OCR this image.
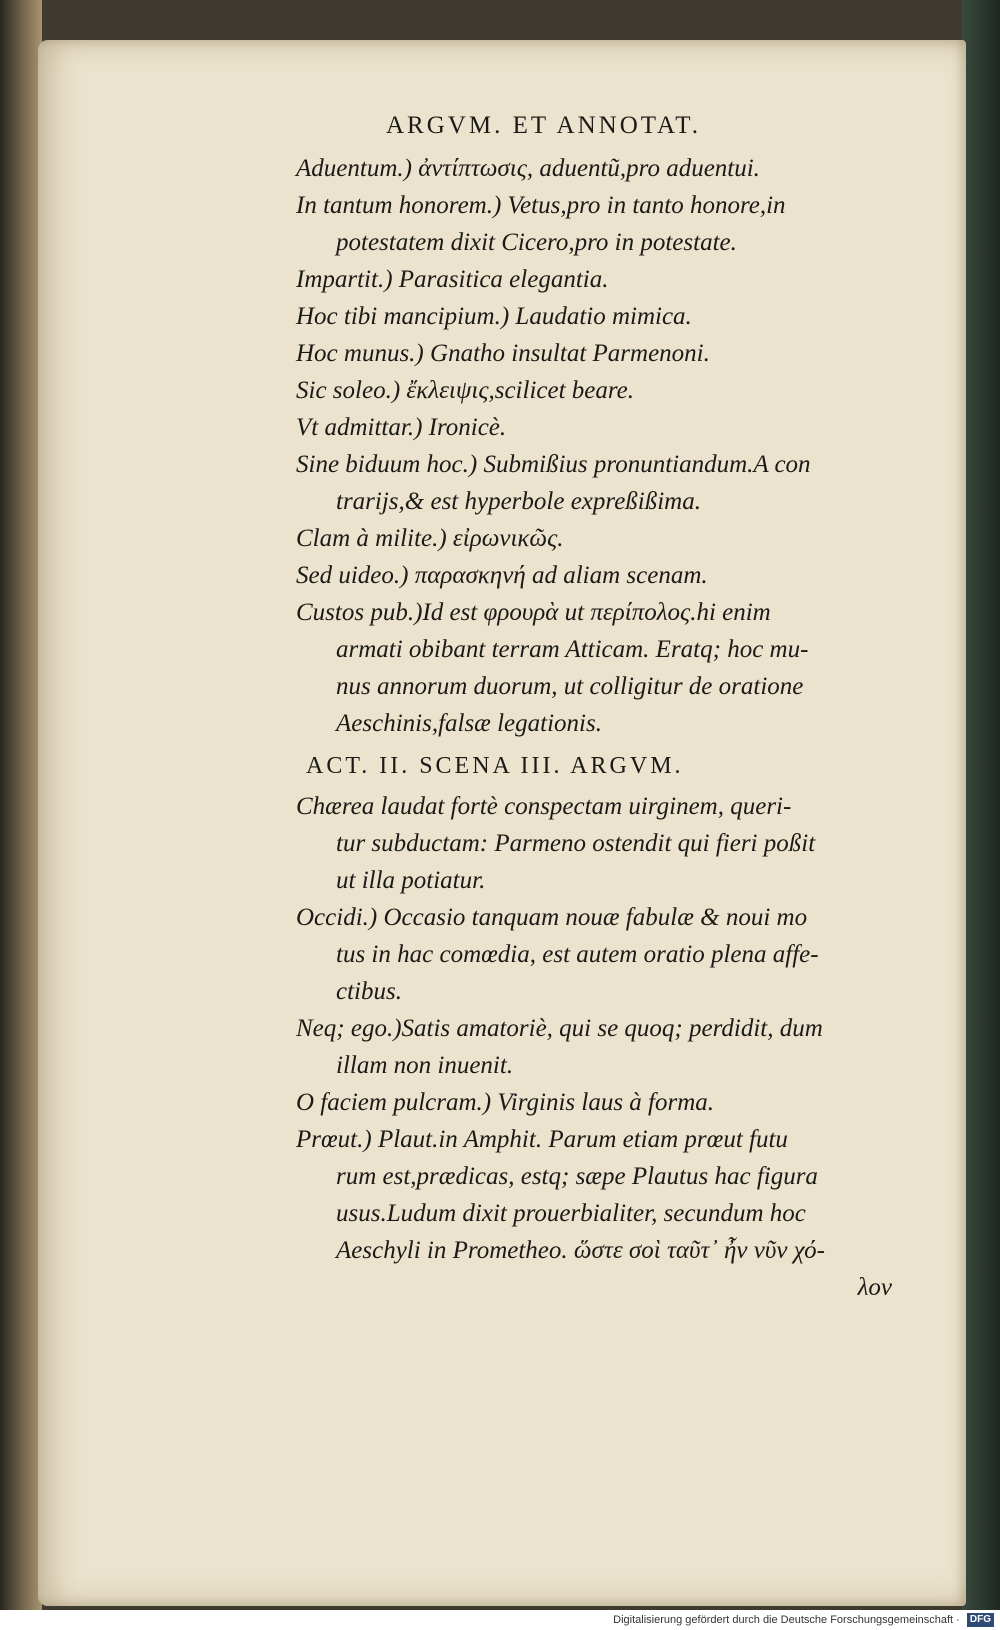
ARGVM. ET ANNOTAT.
Aduentum.) ἀντίπτωσις, aduentũ,pro aduentui.
In tantum honorem.) Vetus,pro in tanto honore,in
potestatem dixit Cicero,pro in potestate.
Impartit.) Parasitica elegantia.
Hoc tibi mancipium.) Laudatio mimica.
Hoc munus.) Gnatho insultat Parmenoni.
Sic soleo.) ἔκλειψις,scilicet beare.
Vt admittar.) Ironicè.
Sine biduum hoc.) Submißius pronuntiandum.A con
trarijs,& est hyperbole expreßißima.
Clam à milite.) εἰρωνικῶς.
Sed uideo.) παρασκηνή ad aliam scenam.
Custos pub.)Id est φρουρὰ ut περίπολος.hi enim
armati obibant terram Atticam. Eratq; hoc mu-
nus annorum duorum, ut colligitur de oratione
Aeschinis,falsæ legationis.
ACT. II. SCENA III. ARGVM.
Chærea laudat fortè conspectam uirginem, queri-
tur subductam: Parmeno ostendit qui fieri poßit
ut illa potiatur.
Occidi.) Occasio tanquam nouæ fabulæ & noui mo
tus in hac comœdia, est autem oratio plena affe-
ctibus.
Neq; ego.)Satis amatoriè, qui se quoq; perdidit, dum
illam non inuenit.
O faciem pulcram.) Virginis laus à forma.
Prœut.) Plaut.in Amphit. Parum etiam prœut futu
rum est,prædicas, estq; sæpe Plautus hac figura
usus.Ludum dixit prouerbialiter, secundum hoc
Aeschyli in Prometheo. ὥστε σοὶ ταῦτ᾽ ἦν νῦν χό-
λον
Digitalisierung gefördert durch die Deutsche Forschungsgemeinschaft · DFG
